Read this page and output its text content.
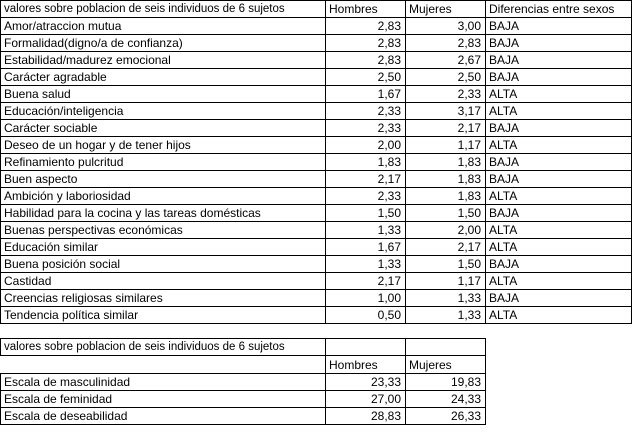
valores sobre poblacion de seis individuos de 6 sujetos	Hombres	Mujeres	Diferencias entre sexos
Amor/atraccion mutua	2,83	3,00	BAJA
Formalidad(digno/a de confianza)	2,83	2,83	BAJA
Estabilidad/madurez emocional	2,83	2,67	BAJA
Carácter agradable	2,50	2,50	BAJA
Buena salud	1,67	2,33	ALTA
Educación/inteligencia	2,33	3,17	ALTA
Carácter sociable	2,33	2,17	BAJA
Deseo de un hogar y de tener hijos	2,00	1,17	ALTA
Refinamiento pulcritud	1,83	1,83	BAJA
Buen aspecto	2,17	1,83	BAJA
Ambición y laboriosidad	2,33	1,83	ALTA
Habilidad para la cocina y las tareas domésticas	1,50	1,50	BAJA
Buenas perspectivas económicas	1,33	2,00	ALTA
Educación similar	1,67	2,17	ALTA
Buena posición social	1,33	1,50	BAJA
Castidad	2,17	1,17	ALTA
Creencias religiosas similares	1,00	1,33	BAJA
Tendencia política similar	0,50	1,33	ALTA
valores sobre poblacion de seis individuos de 6 sujetos		
	Hombres	Mujeres
Escala de masculinidad	23,33	19,83
Escala de feminidad	27,00	24,33
Escala de deseabilidad	28,83	26,33
